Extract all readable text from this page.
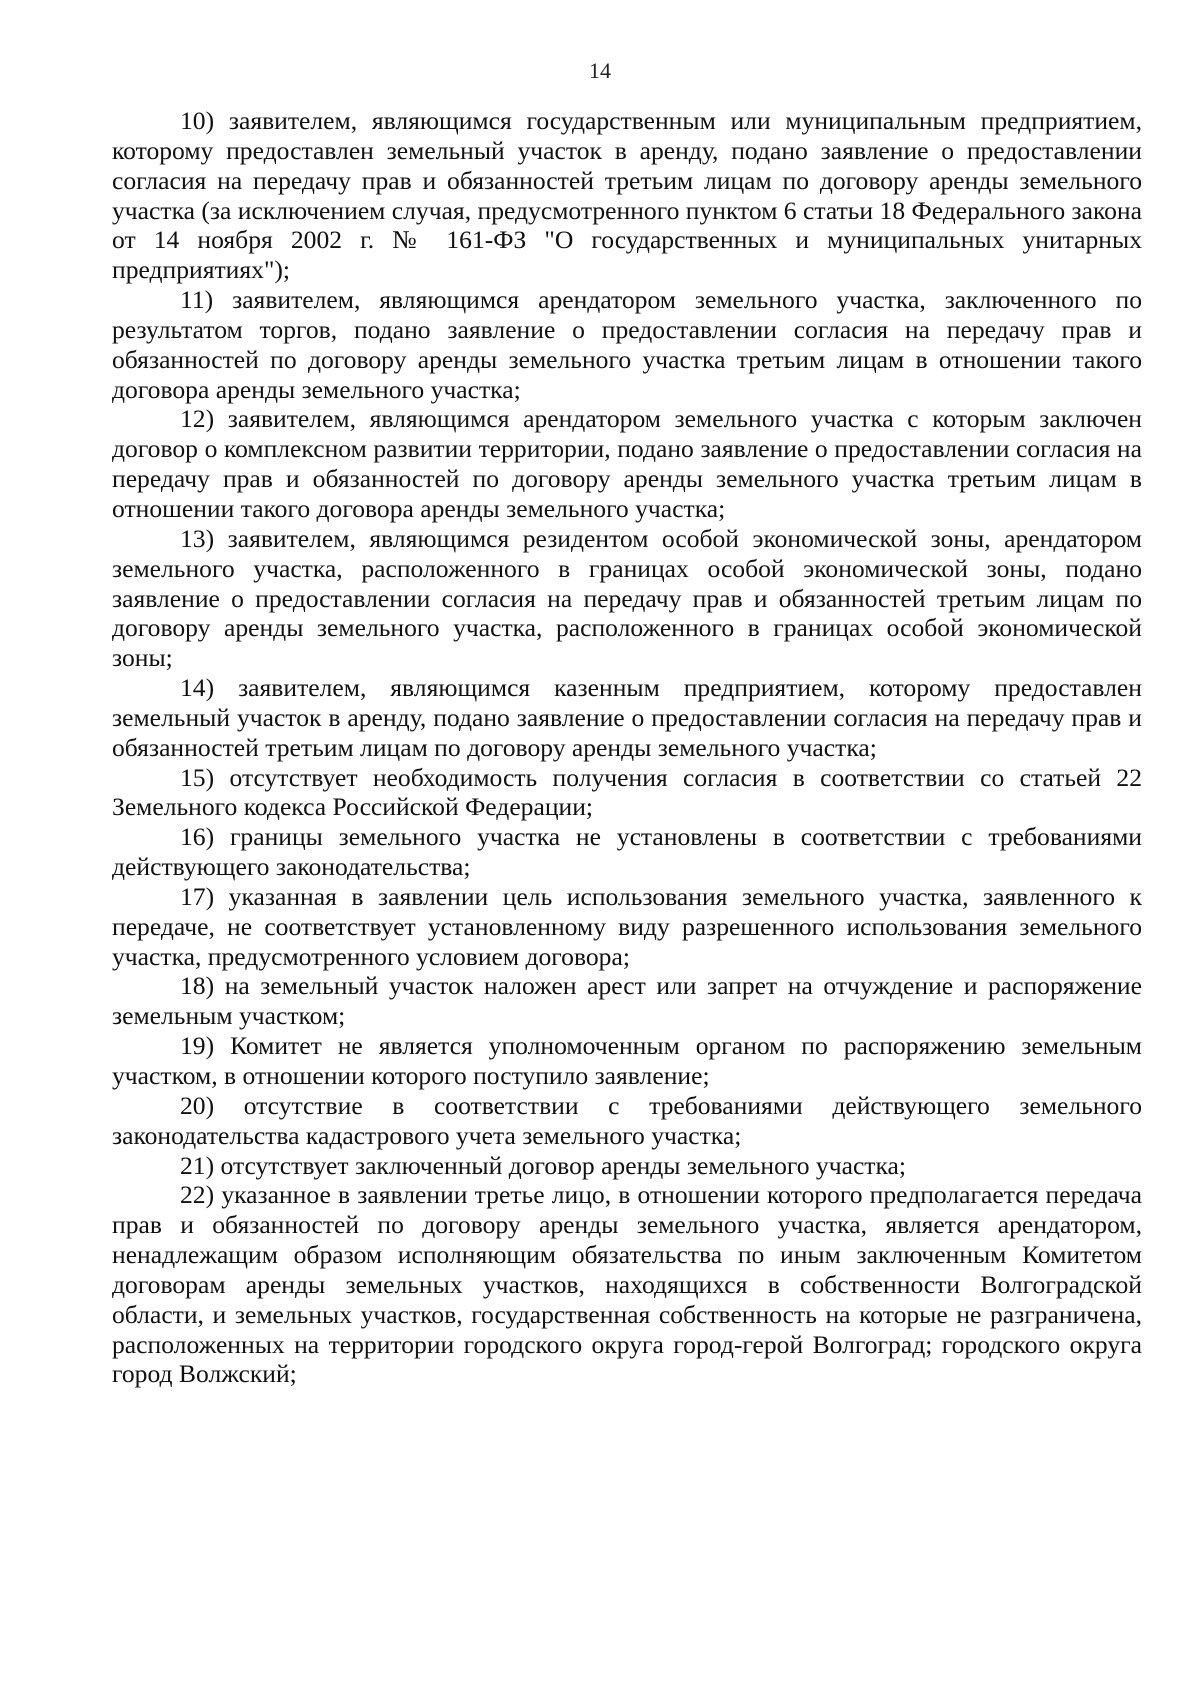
14

10) заявителем, являющимся государственным или муниципальным предприятием, которому предоставлен земельный участок в аренду, подано заявление о предоставлении согласия на передачу прав и обязанностей третьим лицам по договору аренды земельного участка (за исключением случая, предусмотренного пунктом 6 статьи 18 Федерального закона от 14 ноября 2002 г. № 161-ФЗ "О государственных и муниципальных унитарных предприятиях");

11) заявителем, являющимся арендатором земельного участка, заключенного по результатом торгов, подано заявление о предоставлении согласия на передачу прав и обязанностей по договору аренды земельного участка третьим лицам в отношении такого договора аренды земельного участка;

12) заявителем, являющимся арендатором земельного участка с которым заключен договор о комплексном развитии территории, подано заявление о предоставлении согласия на передачу прав и обязанностей по договору аренды земельного участка третьим лицам в отношении такого договора аренды земельного участка;

13) заявителем, являющимся резидентом особой экономической зоны, арендатором земельного участка, расположенного в границах особой экономической зоны, подано заявление о предоставлении согласия на передачу прав и обязанностей третьим лицам по договору аренды земельного участка, расположенного в границах особой экономической зоны;

14) заявителем, являющимся казенным предприятием, которому предоставлен земельный участок в аренду, подано заявление о предоставлении согласия на передачу прав и обязанностей третьим лицам по договору аренды земельного участка;

15) отсутствует необходимость получения согласия в соответствии со статьей 22 Земельного кодекса Российской Федерации;

16) границы земельного участка не установлены в соответствии с требованиями действующего законодательства;

17) указанная в заявлении цель использования земельного участка, заявленного к передаче, не соответствует установленному виду разрешенного использования земельного участка, предусмотренного условием договора;

18) на земельный участок наложен арест или запрет на отчуждение и распоряжение земельным участком;

19) Комитет не является уполномоченным органом по распоряжению земельным участком, в отношении которого поступило заявление;

20) отсутствие в соответствии с требованиями действующего земельного законодательства кадастрового учета земельного участка;

21) отсутствует заключенный договор аренды земельного участка;

22) указанное в заявлении третье лицо, в отношении которого предполагается передача прав и обязанностей по договору аренды земельного участка, является арендатором, ненадлежащим образом исполняющим обязательства по иным заключенным Комитетом договорам аренды земельных участков, находящихся в собственности Волгоградской области, и земельных участков, государственная собственность на которые не разграничена, расположенных на территории городского округа город-герой Волгоград; городского округа город Волжский;
